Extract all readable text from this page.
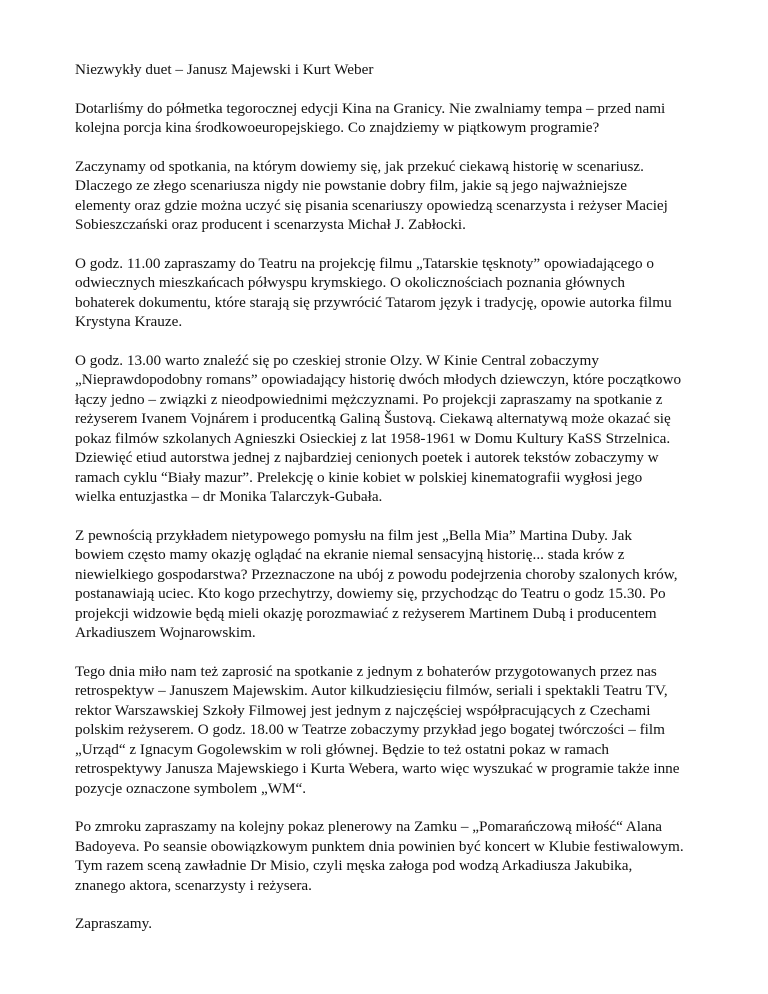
Niezwykły duet – Janusz Majewski i Kurt Weber

Dotarliśmy do półmetka tegorocznej edycji Kina na Granicy. Nie zwalniamy tempa – przed nami
kolejna porcja kina środkowoeuropejskiego. Co znajdziemy w piątkowym programie?

Zaczynamy od spotkania, na którym dowiemy się, jak przekuć ciekawą historię w scenariusz.
Dlaczego ze złego scenariusza nigdy nie powstanie dobry film, jakie są jego najważniejsze
elementy oraz gdzie można uczyć się pisania scenariuszy opowiedzą scenarzysta i reżyser Maciej
Sobieszczański oraz producent i scenarzysta Michał J. Zabłocki.

O godz. 11.00 zapraszamy do Teatru na projekcję filmu „Tatarskie tęsknoty” opowiadającego o
odwiecznych mieszkańcach półwyspu krymskiego. O okolicznościach poznania głównych
bohaterek dokumentu, które starają się przywrócić Tatarom język i tradycję, opowie autorka filmu
Krystyna Krauze.

O godz. 13.00 warto znaleźć się po czeskiej stronie Olzy. W Kinie Central zobaczymy
„Nieprawdopodobny romans” opowiadający historię dwóch młodych dziewczyn, które początkowo
łączy jedno – związki z nieodpowiednimi mężczyznami. Po projekcji zapraszamy na spotkanie z
reżyserem Ivanem Vojnárem i producentką Galiną Šustovą. Ciekawą alternatywą może okazać się
pokaz filmów szkolanych Agnieszki Osieckiej z lat 1958-1961 w Domu Kultury KaSS Strzelnica.
Dziewięć etiud autorstwa jednej z najbardziej cenionych poetek i autorek tekstów zobaczymy w
ramach cyklu “Biały mazur”. Prelekcję o kinie kobiet w polskiej kinematografii wygłosi jego
wielka entuzjastka – dr Monika Talarczyk-Gubała.

Z pewnością przykładem nietypowego pomysłu na film jest „Bella Mia” Martina Duby. Jak
bowiem często mamy okazję oglądać na ekranie niemal sensacyjną historię... stada krów z
niewielkiego gospodarstwa? Przeznaczone na ubój z powodu podejrzenia choroby szalonych krów,
postanawiają uciec. Kto kogo przechytrzy, dowiemy się, przychodząc do Teatru o godz 15.30. Po
projekcji widzowie będą mieli okazję porozmawiać z reżyserem Martinem Dubą i producentem
Arkadiuszem Wojnarowskim.

Tego dnia miło nam też zaprosić na spotkanie z jednym z bohaterów przygotowanych przez nas
retrospektyw – Januszem Majewskim. Autor kilkudziesięciu filmów, seriali i spektakli Teatru TV,
rektor Warszawskiej Szkoły Filmowej jest jednym z najczęściej współpracujących z Czechami
polskim reżyserem. O godz. 18.00 w Teatrze zobaczymy przykład jego bogatej twórczości – film
„Urząd“ z Ignacym Gogolewskim w roli głównej. Będzie to też ostatni pokaz w ramach
retrospektywy Janusza Majewskiego i Kurta Webera, warto więc wyszukać w programie także inne
pozycje oznaczone symbolem „WM“.

Po zmroku zapraszamy na kolejny pokaz plenerowy na Zamku – „Pomarańczową miłość“ Alana
Badoyeva. Po seansie obowiązkowym punktem dnia powinien być koncert w Klubie festiwalowym.
Tym razem sceną zawładnie Dr Misio, czyli męska załoga pod wodzą Arkadiusza Jakubika,
znanego aktora, scenarzysty i reżysera.

Zapraszamy.
